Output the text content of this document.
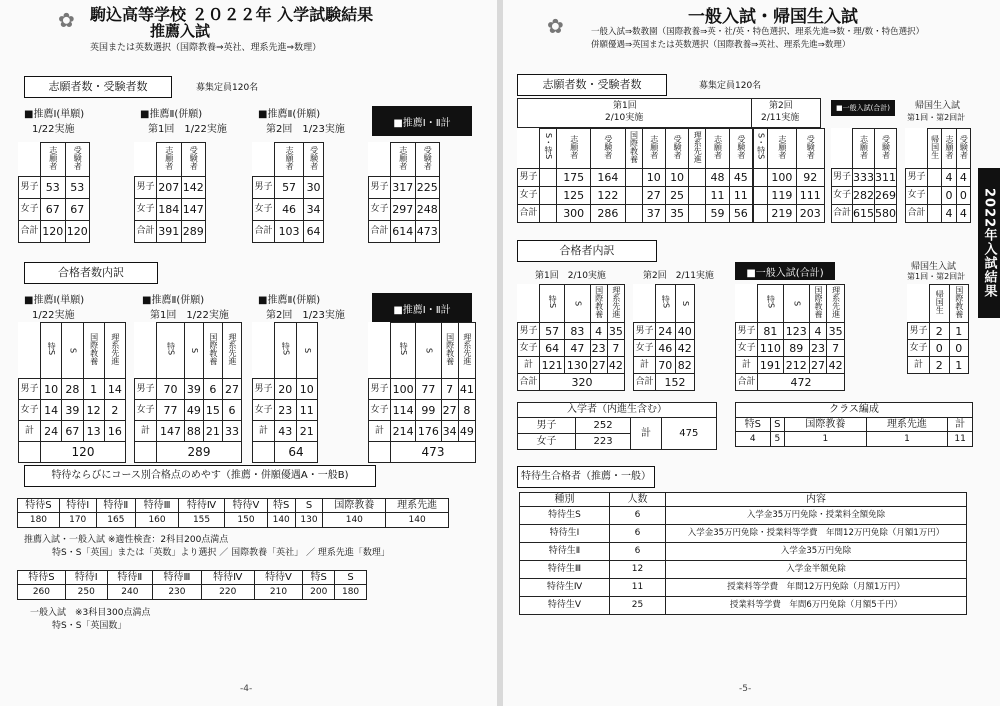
✿ 駒込高等学校 ２０２２年 入学試験結果
推薦入試
英国または英数選択（国際教養⇒英社、理系先進⇒数理）
志願者数・受験者数	募集定員120名
■推薦Ⅰ(単願)
1/22実施
■推薦Ⅱ(併願)
第1回　1/22実施
■推薦Ⅱ(併願)
第2回　1/23実施
■推薦Ⅰ・Ⅱ計
	志願者	受験者
男子	53	53
女子	67	67
合計	120	120
	志願者	受験者
男子	207	142
女子	184	147
合計	391	289
	志願者	受験者
男子	57	30
女子	46	34
合計	103	64
	志願者	受験者
男子	317	225
女子	297	248
合計	614	473
合格者数内訳
■推薦Ⅰ(単願)
1/22実施
■推薦Ⅱ(併願)
第1回　1/22実施
■推薦Ⅱ(併願)
第2回　1/23実施	■推薦Ⅰ・Ⅱ計
	特S	S	国際教養	理系先進
男子	10	28	1	14
女子	14	39	12	2
計	24	67	13	16
	120			
	特S	S	国際教養	理系先進
男子	70	39	6	27
女子	77	49	15	6
計	147	88	21	33
	289			
	特S	S
男子	20	10
女子	23	11
計	43	21
	64	
	特S	S	国際教養	理系先進
男子	100	77	7	41
女子	114	99	27	8
計	214	176	34	49
	473			
特待ならびにコース別合格点のめやす（推薦・併願優遇A・一般B)
特待S	特待Ⅰ	特待Ⅱ	特待Ⅲ	特待Ⅳ	特待Ⅴ	特S	S	国際教養	理系先進
180	170	165	160	155	150	140	130	140	140
推薦入試・一般入試 ※適性検査：2科目200点満点
特S・S「英国」または「英数」より選択 ／ 国際教養「英社」 ／ 理系先進「数理」
特待S	特待Ⅰ	特待Ⅱ	特待Ⅲ	特待Ⅳ	特待Ⅴ	特S	S
260	250	240	230	220	210	200	180
一般入試　※3科目300点満点
特S・S「英国数」
-4-
✿	一般入試・帰国生入試
一般入試⇒数教園（国際教養⇒英・社/英・特色選択、理系先進⇒数・理/数・特色選択）
併願優遇⇒英国または英数選択（国際教養⇒英社、理系先進⇒数理）
志願者数・受験者数	募集定員120名
第1回
2/10実施
第2回
2/11実施
■一般入試(合計)	帰国生入試
第1回・第2回計
	S・特S	志願者	受験者	国際教養	志願者	受験者	理系先進	志願者	受験者
男子		175	164		10	10		48	45
女子		125	122		27	25		11	11
合計		300	286		37	35		59	56
S・特S	志願者	受験者
	100	92
	119	111
	219	203
	志願者	受験者
男子	333	311
女子	282	269
合計	615	580
	帰国生	志願者	受験者
男子		4	4
女子		0	0
合計		4	4
合格者内訳
第1回　2/10実施	第2回　2/11実施	■一般入試(合計)
帰国生入試
第1回・第2回計
	特S	S	国際教養	理系先進
男子	57	83	4	35
女子	64	47	23	7
計	121	130	27	42
合計	320			
	特S	S
男子	24	40
女子	46	42
計	70	82
合計	152	
	特S	S	国際教養	理系先進
男子	81	123	4	35
女子	110	89	23	7
計	191	212	27	42
合計	472			
	帰国生	国際教養
男子	2	1
女子	0	0
計	2	1
入学者（内進生含む）
男子	252	計	475
女子	223		
クラス編成
特S	S	国際教養	理系先進	計
4	5	1	1	11
特待生合格者（推薦・一般）
種別	人数	内容
特待生S	6	入学金35万円免除・授業料全額免除
特待生Ⅰ	6	入学金35万円免除・授業料等学費　年間12万円免除（月額1万円）
特待生Ⅱ	6	入学金35万円免除
特待生Ⅲ	12	入学金半額免除
特待生Ⅳ	11	授業料等学費　年間12万円免除（月額1万円）
特待生Ⅴ	25	授業料等学費　年間6万円免除（月額5千円）
2022年入試結果
-5-
